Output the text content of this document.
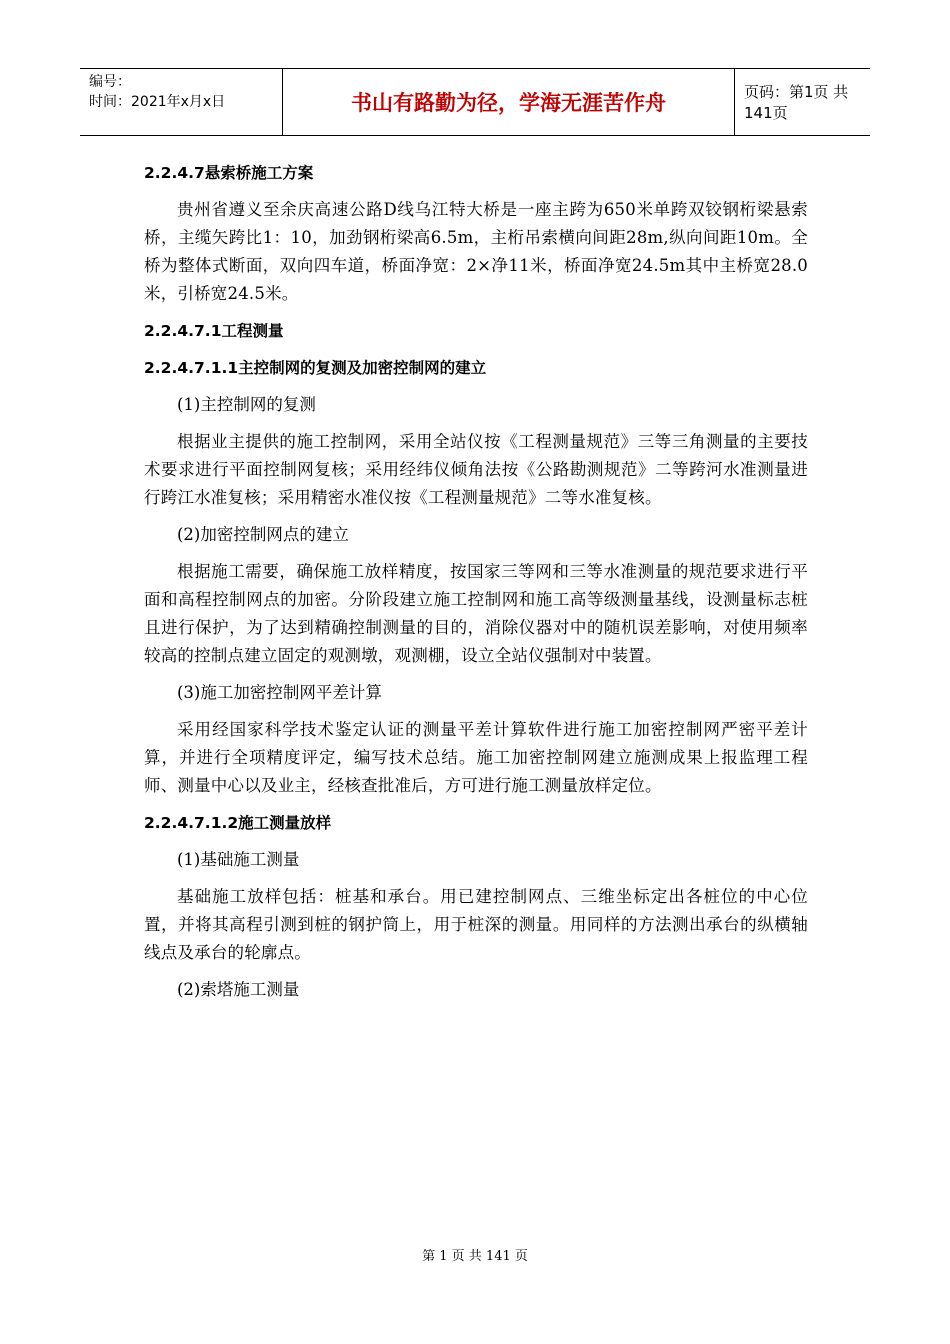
编号：
时间：2021年x月x日	书山有路勤为径，学海无涯苦作舟	页码：第1页 共141页
2.2.4.7悬索桥施工方案
贵州省遵义至余庆高速公路D线乌江特大桥是一座主跨为650米单跨双铰钢桁梁悬索桥，主缆矢跨比1：10，加劲钢桁梁高6.5m，主桁吊索横向间距28m,纵向间距10m。全桥为整体式断面，双向四车道，桥面净宽：2×净11米，桥面净宽24.5m其中主桥宽28.0米，引桥宽24.5米。
2.2.4.7.1工程测量
2.2.4.7.1.1主控制网的复测及加密控制网的建立
(1)主控制网的复测
根据业主提供的施工控制网，采用全站仪按《工程测量规范》三等三角测量的主要技术要求进行平面控制网复核；采用经纬仪倾角法按《公路勘测规范》二等跨河水准测量进行跨江水准复核；采用精密水准仪按《工程测量规范》二等水准复核。
(2)加密控制网点的建立
根据施工需要，确保施工放样精度，按国家三等网和三等水准测量的规范要求进行平面和高程控制网点的加密。分阶段建立施工控制网和施工高等级测量基线，设测量标志桩且进行保护，为了达到精确控制测量的目的，消除仪器对中的随机误差影响，对使用频率较高的控制点建立固定的观测墩，观测棚，设立全站仪强制对中装置。
(3)施工加密控制网平差计算
采用经国家科学技术鉴定认证的测量平差计算软件进行施工加密控制网严密平差计算，并进行全项精度评定，编写技术总结。施工加密控制网建立施测成果上报监理工程师、测量中心以及业主，经核查批准后，方可进行施工测量放样定位。
2.2.4.7.1.2施工测量放样
(1)基础施工测量
基础施工放样包括：桩基和承台。用已建控制网点、三维坐标定出各桩位的中心位置，并将其高程引测到桩的钢护筒上，用于桩深的测量。用同样的方法测出承台的纵横轴线点及承台的轮廓点。
(2)索塔施工测量
第 1 页 共 141 页
